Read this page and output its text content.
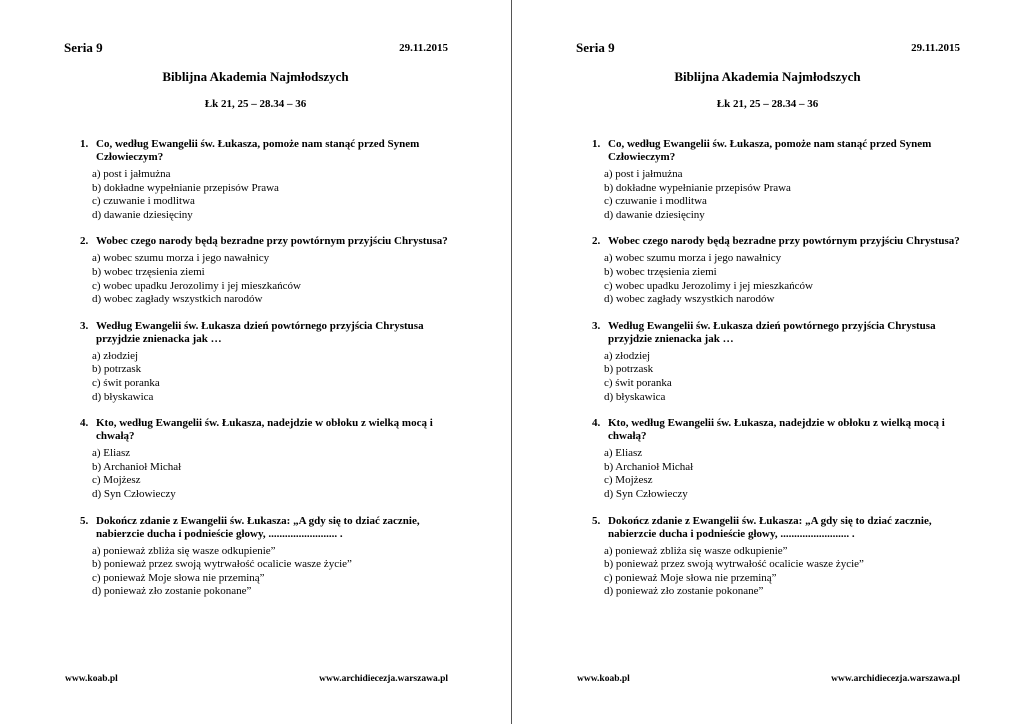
Seria 9	29.11.2015
Biblijna Akademia Najmłodszych
Łk 21, 25 – 28.34 – 36
1. Co, według Ewangelii św. Łukasza, pomoże nam stanąć przed Synem Człowieczym?
a) post i jałmużna
b) dokładne wypełnianie przepisów Prawa
c) czuwanie i modlitwa
d) dawanie dziesięciny
2. Wobec czego narody będą bezradne przy powtórnym przyjściu Chrystusa?
a) wobec szumu morza i jego nawałnicy
b) wobec trzęsienia ziemi
c) wobec upadku Jerozolimy i jej mieszkańców
d) wobec zagłady wszystkich narodów
3. Według Ewangelii św. Łukasza dzień powtórnego przyjścia Chrystusa przyjdzie znienacka jak …
a) złodziej
b) potrzask
c) świt poranka
d) błyskawica
4. Kto, według Ewangelii św. Łukasza, nadejdzie w obłoku z wielką mocą i chwałą?
a) Eliasz
b) Archanioł Michał
c) Mojżesz
d) Syn Człowieczy
5. Dokończ zdanie z Ewangelii św. Łukasza: „A gdy się to dziać zacznie, nabierzcie ducha i podnieście głowy, ......................... .
a) ponieważ zbliża się wasze odkupienie”
b) ponieważ przez swoją wytrwałość ocalicie wasze życie”
c) ponieważ Moje słowa nie przeminą”
d) ponieważ zło zostanie pokonane”
www.koab.pl	www.archidiecezja.warszawa.pl
Seria 9	29.11.2015
Biblijna Akademia Najmłodszych
Łk 21, 25 – 28.34 – 36
1. Co, według Ewangelii św. Łukasza, pomoże nam stanąć przed Synem Człowieczym?
a) post i jałmużna
b) dokładne wypełnianie przepisów Prawa
c) czuwanie i modlitwa
d) dawanie dziesięciny
2. Wobec czego narody będą bezradne przy powtórnym przyjściu Chrystusa?
a) wobec szumu morza i jego nawałnicy
b) wobec trzęsienia ziemi
c) wobec upadku Jerozolimy i jej mieszkańców
d) wobec zagłady wszystkich narodów
3. Według Ewangelii św. Łukasza dzień powtórnego przyjścia Chrystusa przyjdzie znienacka jak …
a) złodziej
b) potrzask
c) świt poranka
d) błyskawica
4. Kto, według Ewangelii św. Łukasza, nadejdzie w obłoku z wielką mocą i chwałą?
a) Eliasz
b) Archanioł Michał
c) Mojżesz
d) Syn Człowieczy
5. Dokończ zdanie z Ewangelii św. Łukasza: „A gdy się to dziać zacznie, nabierzcie ducha i podnieście głowy, ......................... .
a) ponieważ zbliża się wasze odkupienie”
b) ponieważ przez swoją wytrwałość ocalicie wasze życie”
c) ponieważ Moje słowa nie przeminą”
d) ponieważ zło zostanie pokonane”
www.koab.pl	www.archidiecezja.warszawa.pl
